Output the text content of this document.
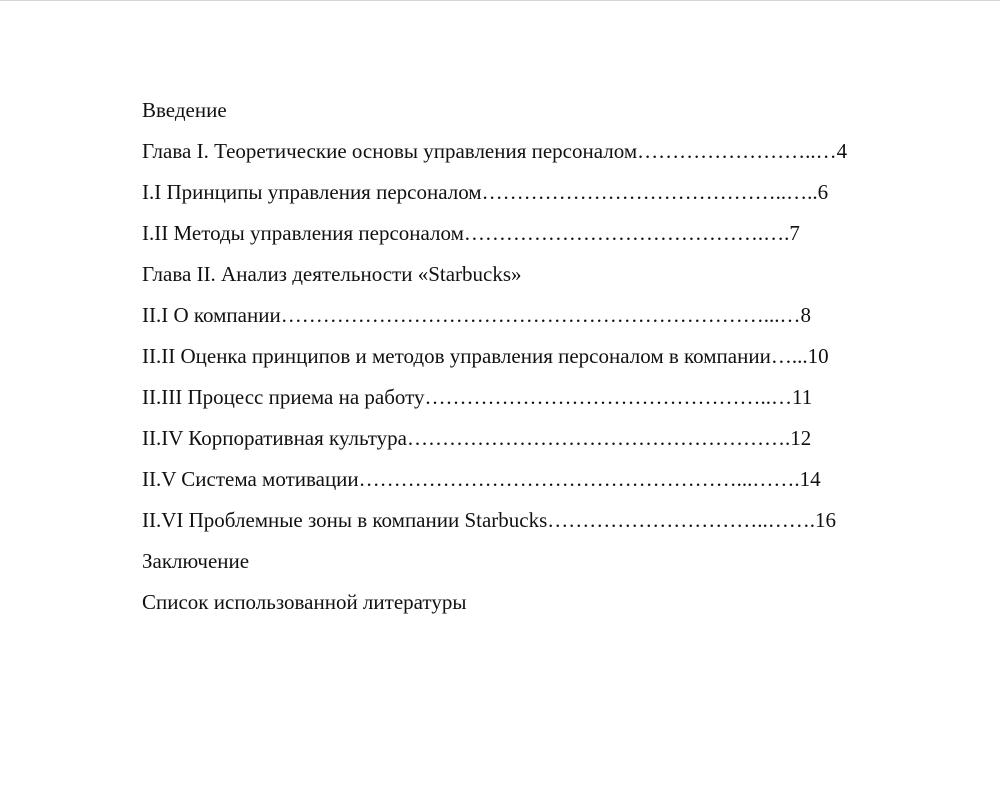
Введение
Глава I. Теоретические основы управления персоналом……………………..…4
I.I Принципы управления персоналом……………………………………..…..6
I.II Методы управления персоналом…………………………………….….7
Глава II. Анализ деятельности «Starbucks»
II.I О компании……………………………………………………………...…8
II.II Оценка принципов и методов управления персоналом в компании…...10
II.III Процесс приема на работу…………………………………………..…11
II.IV Корпоративная культура……………………………………………….12
II.V Система мотивации………………………………………………...…….14
II.VI Проблемные зоны в компании Starbucks…………………………..…….16
Заключение
Список использованной литературы
